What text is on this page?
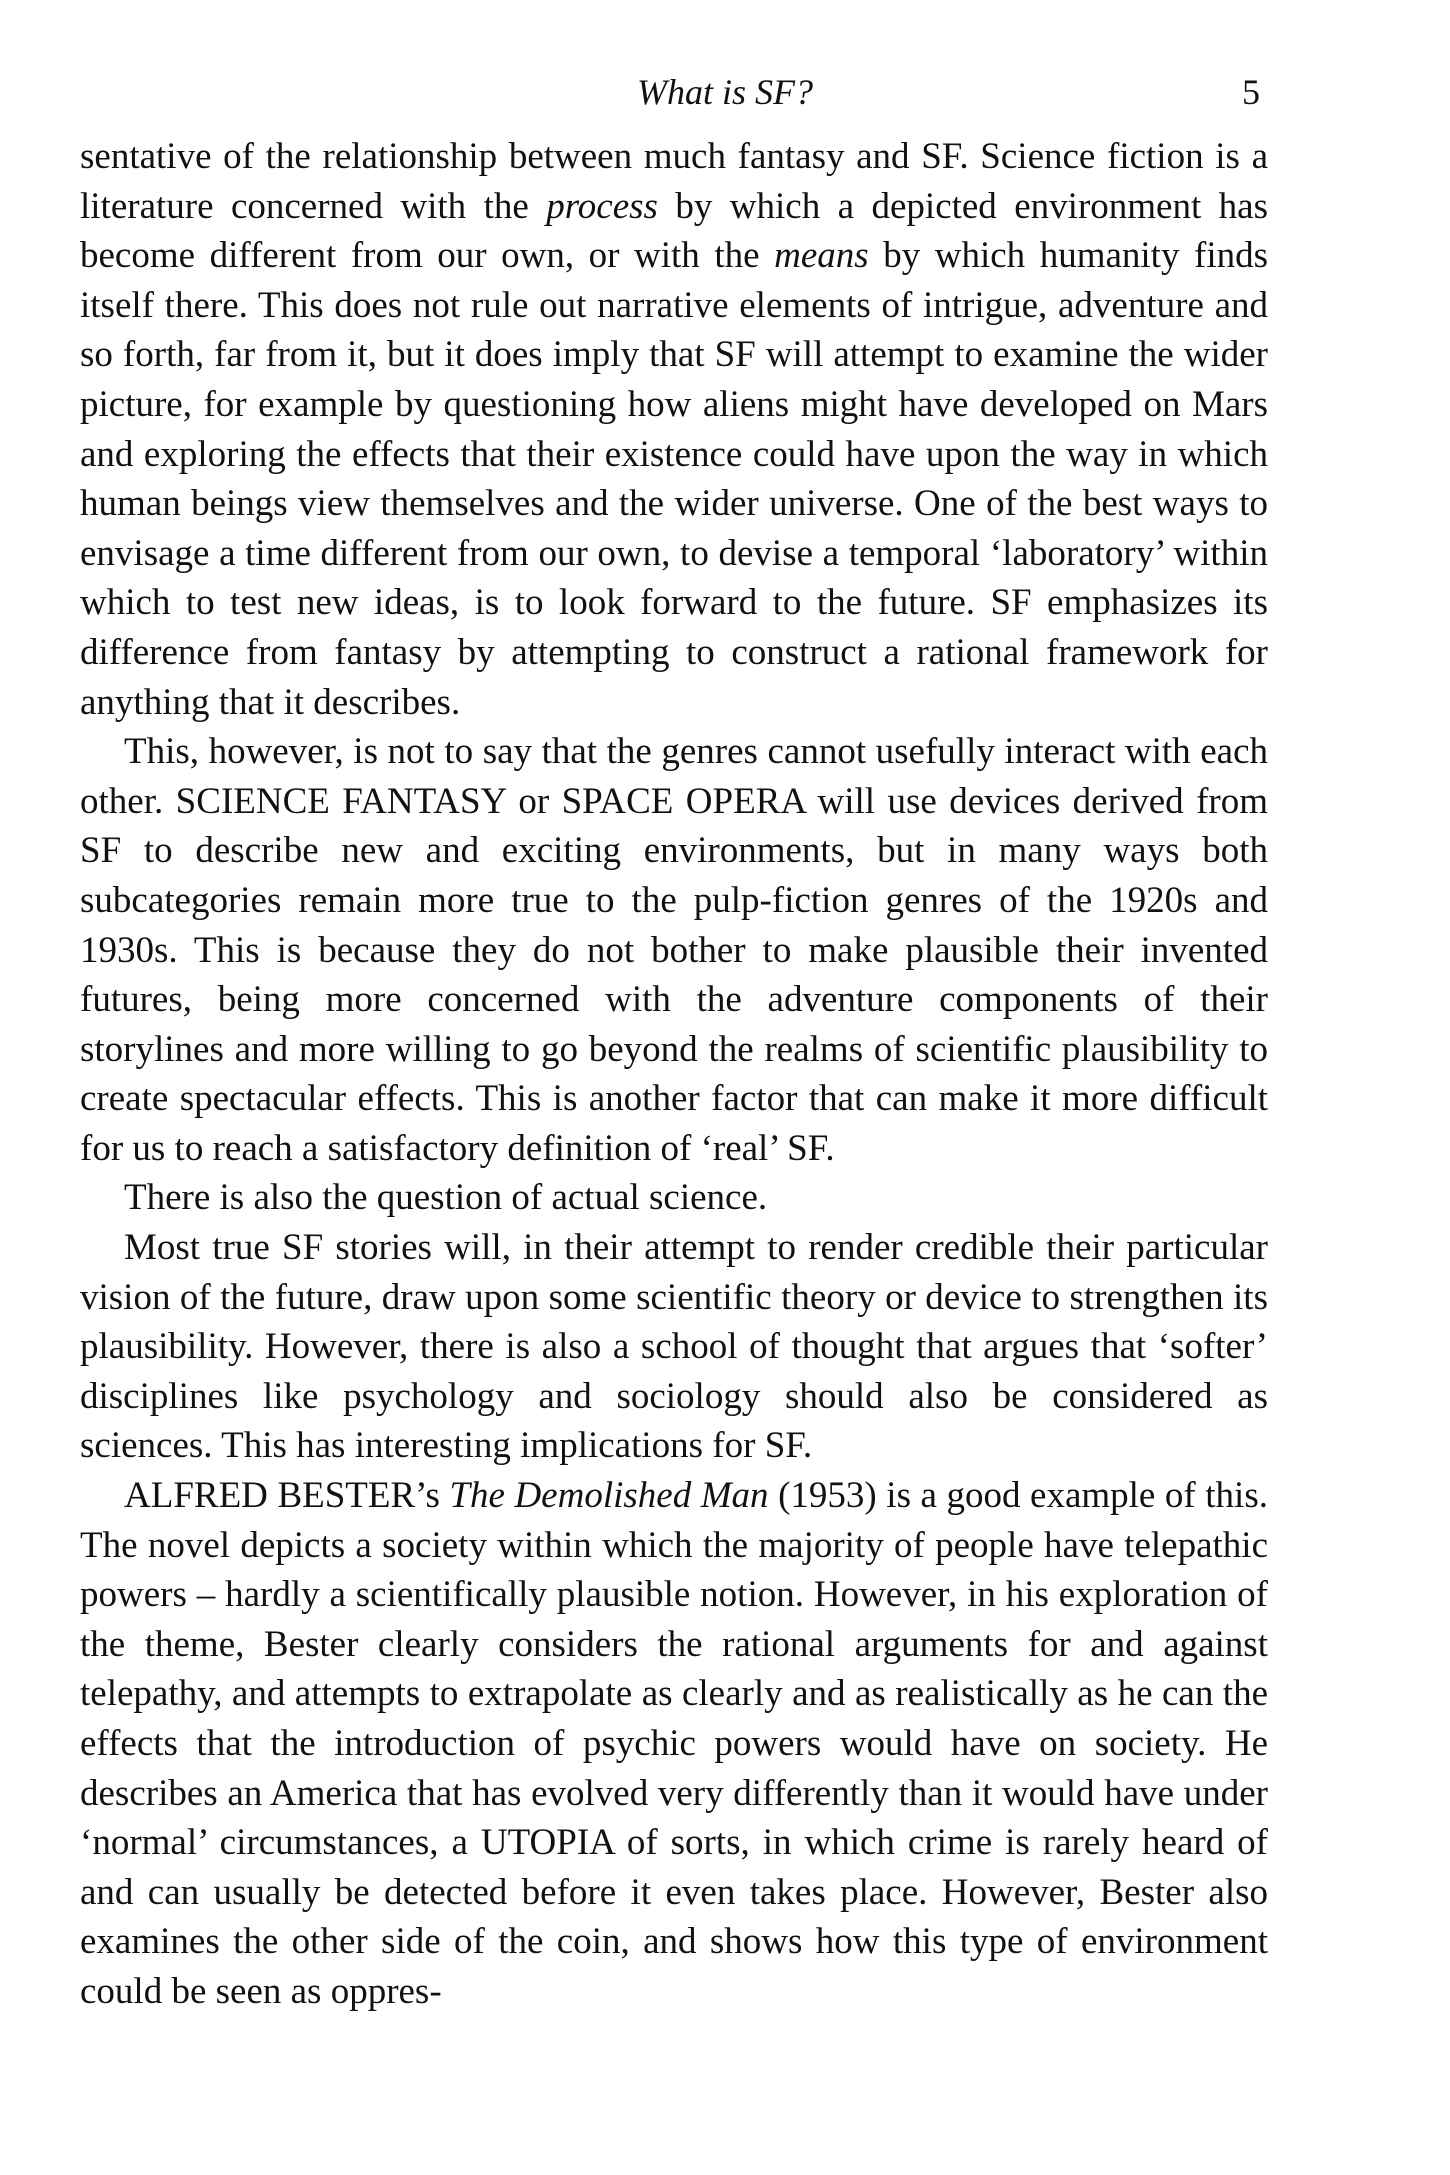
What is SF?	5

sentative of the relationship between much fantasy and SF. Science fiction is a literature concerned with the process by which a depicted environment has become different from our own, or with the means by which humanity finds itself there. This does not rule out narrative elements of intrigue, adventure and so forth, far from it, but it does imply that SF will attempt to examine the wider picture, for example by questioning how aliens might have developed on Mars and exploring the effects that their existence could have upon the way in which human beings view themselves and the wider universe. One of the best ways to envisage a time different from our own, to devise a temporal ‘laboratory’ within which to test new ideas, is to look forward to the future. SF emphasizes its difference from fantasy by attempting to construct a rational framework for anything that it describes.

This, however, is not to say that the genres cannot usefully interact with each other. SCIENCE FANTASY or SPACE OPERA will use devices derived from SF to describe new and exciting environments, but in many ways both subcategories remain more true to the pulp-fiction genres of the 1920s and 1930s. This is because they do not bother to make plausible their invented futures, being more concerned with the adventure components of their storylines and more willing to go beyond the realms of scientific plausibility to create spectacular effects. This is another factor that can make it more difficult for us to reach a satisfactory definition of ‘real’ SF.

There is also the question of actual science.

Most true SF stories will, in their attempt to render credible their particular vision of the future, draw upon some scientific theory or device to strengthen its plausibility. However, there is also a school of thought that argues that ‘softer’ disciplines like psychology and sociology should also be considered as sciences. This has interesting implications for SF.

ALFRED BESTER’s The Demolished Man (1953) is a good example of this. The novel depicts a society within which the majority of people have telepathic powers – hardly a scientifically plausible notion. However, in his exploration of the theme, Bester clearly considers the rational arguments for and against telepathy, and attempts to extrapolate as clearly and as realistically as he can the effects that the introduction of psychic powers would have on society. He describes an America that has evolved very differently than it would have under ‘normal’ circumstances, a UTOPIA of sorts, in which crime is rarely heard of and can usually be detected before it even takes place. However, Bester also examines the other side of the coin, and shows how this type of environment could be seen as oppres-
